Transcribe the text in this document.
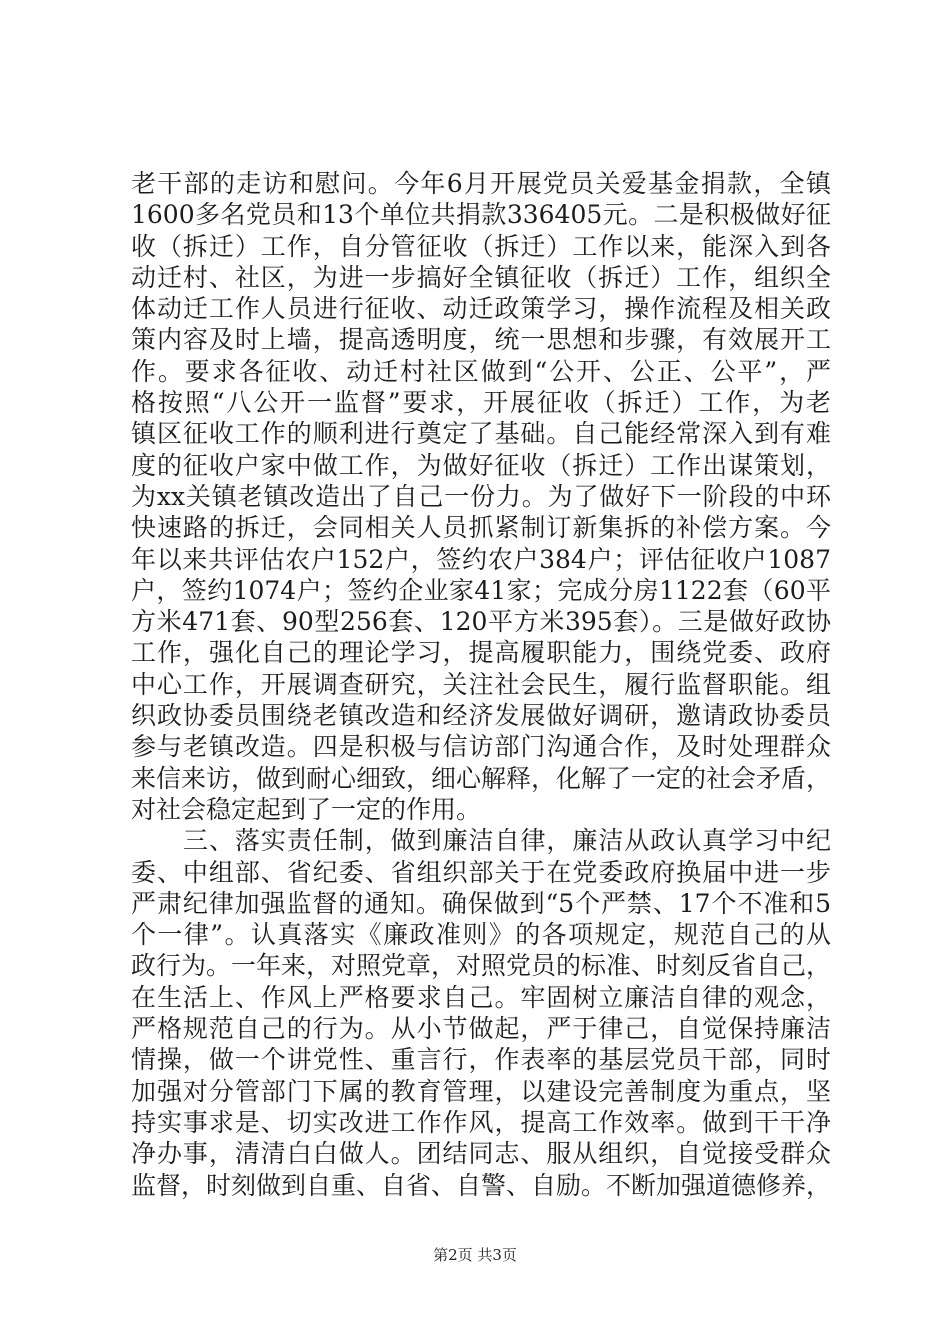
老干部的走访和慰问。今年6月开展党员关爱基金捐款，全镇
1600多名党员和13个单位共捐款336405元。二是积极做好征
收（拆迁）工作，自分管征收（拆迁）工作以来，能深入到各
动迁村、社区，为进一步搞好全镇征收（拆迁）工作，组织全
体动迁工作人员进行征收、动迁政策学习，操作流程及相关政
策内容及时上墙，提高透明度，统一思想和步骤，有效展开工
作。要求各征收、动迁村社区做到“公开、公正、公平”，严
格按照“八公开一监督”要求，开展征收（拆迁）工作，为老
镇区征收工作的顺利进行奠定了基础。自己能经常深入到有难
度的征收户家中做工作，为做好征收（拆迁）工作出谋策划，
为xx关镇老镇改造出了自己一份力。为了做好下一阶段的中环
快速路的拆迁，会同相关人员抓紧制订新集拆的补偿方案。今
年以来共评估农户152户，签约农户384户；评估征收户1087
户，签约1074户；签约企业家41家；完成分房1122套（60平
方米471套、90型256套、120平方米395套）。三是做好政协
工作，强化自己的理论学习，提高履职能力，围绕党委、政府
中心工作，开展调查研究，关注社会民生，履行监督职能。组
织政协委员围绕老镇改造和经济发展做好调研，邀请政协委员
参与老镇改造。四是积极与信访部门沟通合作，及时处理群众
来信来访，做到耐心细致，细心解释，化解了一定的社会矛盾，
对社会稳定起到了一定的作用。
三、落实责任制，做到廉洁自律，廉洁从政认真学习中纪
委、中组部、省纪委、省组织部关于在党委政府换届中进一步
严肃纪律加强监督的通知。确保做到“5个严禁、17个不准和5
个一律”。认真落实《廉政准则》的各项规定，规范自己的从
政行为。一年来，对照党章，对照党员的标准、时刻反省自己，
在生活上、作风上严格要求自己。牢固树立廉洁自律的观念，
严格规范自己的行为。从小节做起，严于律己，自觉保持廉洁
情操，做一个讲党性、重言行，作表率的基层党员干部，同时
加强对分管部门下属的教育管理，以建设完善制度为重点，坚
持实事求是、切实改进工作作风，提高工作效率。做到干干净
净办事，清清白白做人。团结同志、服从组织，自觉接受群众
监督，时刻做到自重、自省、自警、自励。不断加强道德修养，
第2页 共3页
